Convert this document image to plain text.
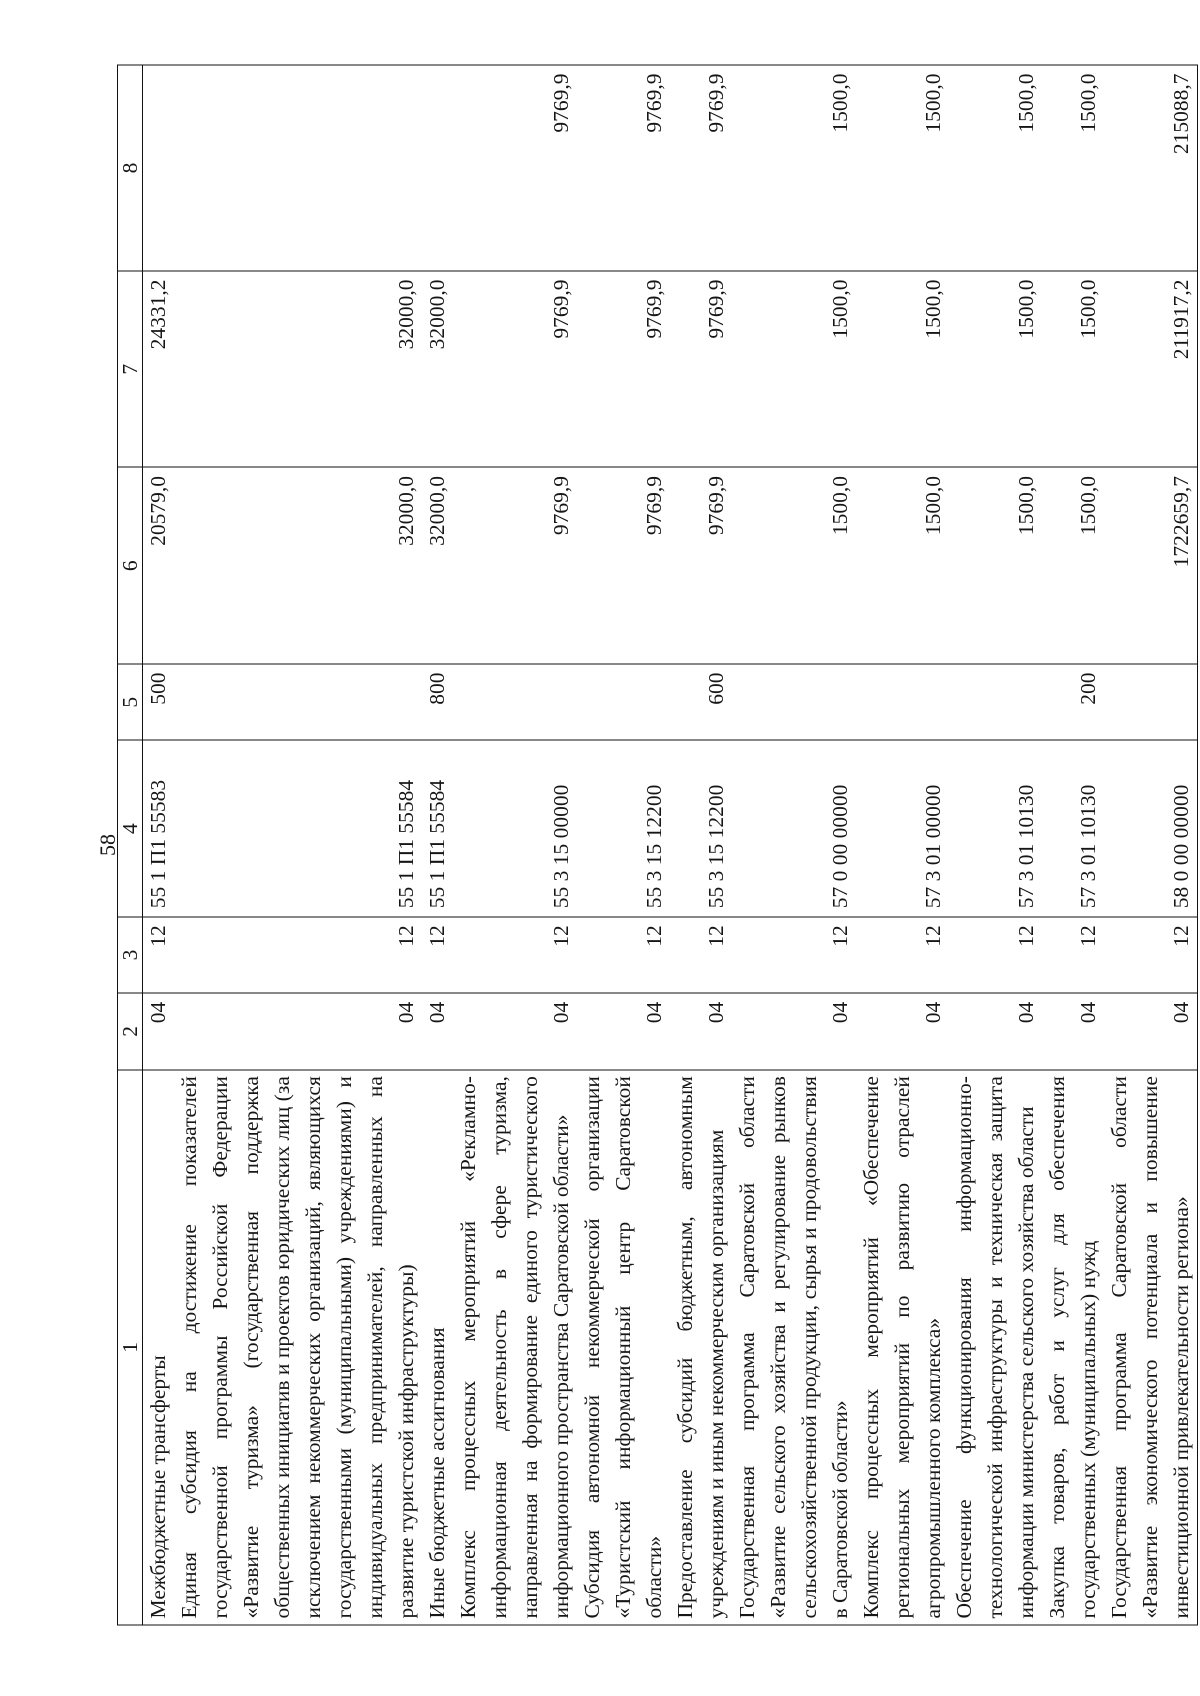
58
1	2	3	4	5	6	7	8
Межбюджетные трансферты	04	12	55 1 П1 55583	500	20579,0	24331,2	
Единая субсидия на достижение показателей государственной программы Российской Федерации «Развитие туризма» (государственная поддержка общественных инициатив и проектов юридических лиц (за исключением некоммерческих организаций, являющихся государственными (муниципальными) учреждениями) и индивидуальных предпринимателей, направленных на развитие туристской инфраструктуры)	04	12	55 1 П1 55584		32000,0	32000,0	
Иные бюджетные ассигнования	04	12	55 1 П1 55584	800	32000,0	32000,0	
Комплекс процессных мероприятий «Рекламно-информационная деятельность в сфере туризма, направленная на формирование единого туристического информационного пространства Саратовской области»	04	12	55 3 15 00000		9769,9	9769,9	9769,9
Субсидия автономной некоммерческой организации «Туристский информационный центр Саратовской области»	04	12	55 3 15 12200		9769,9	9769,9	9769,9
Предоставление субсидий бюджетным, автономным учреждениям и иным некоммерческим организациям	04	12	55 3 15 12200	600	9769,9	9769,9	9769,9
Государственная программа Саратовской области «Развитие сельского хозяйства и регулирование рынков сельскохозяйственной продукции, сырья и продовольствия в Саратовской области»	04	12	57 0 00 00000		1500,0	1500,0	1500,0
Комплекс процессных мероприятий «Обеспечение региональных мероприятий по развитию отраслей агропромышленного комплекса»	04	12	57 3 01 00000		1500,0	1500,0	1500,0
Обеспечение функционирования информационно-технологической инфраструктуры и техническая защита информации министерства сельского хозяйства области	04	12	57 3 01 10130		1500,0	1500,0	1500,0
Закупка товаров, работ и услуг для обеспечения государственных (муниципальных) нужд	04	12	57 3 01 10130	200	1500,0	1500,0	1500,0
Государственная программа Саратовской области «Развитие экономического потенциала и повышение инвестиционной привлекательности региона»	04	12	58 0 00 00000		1722659,7	211917,2	215088,7
